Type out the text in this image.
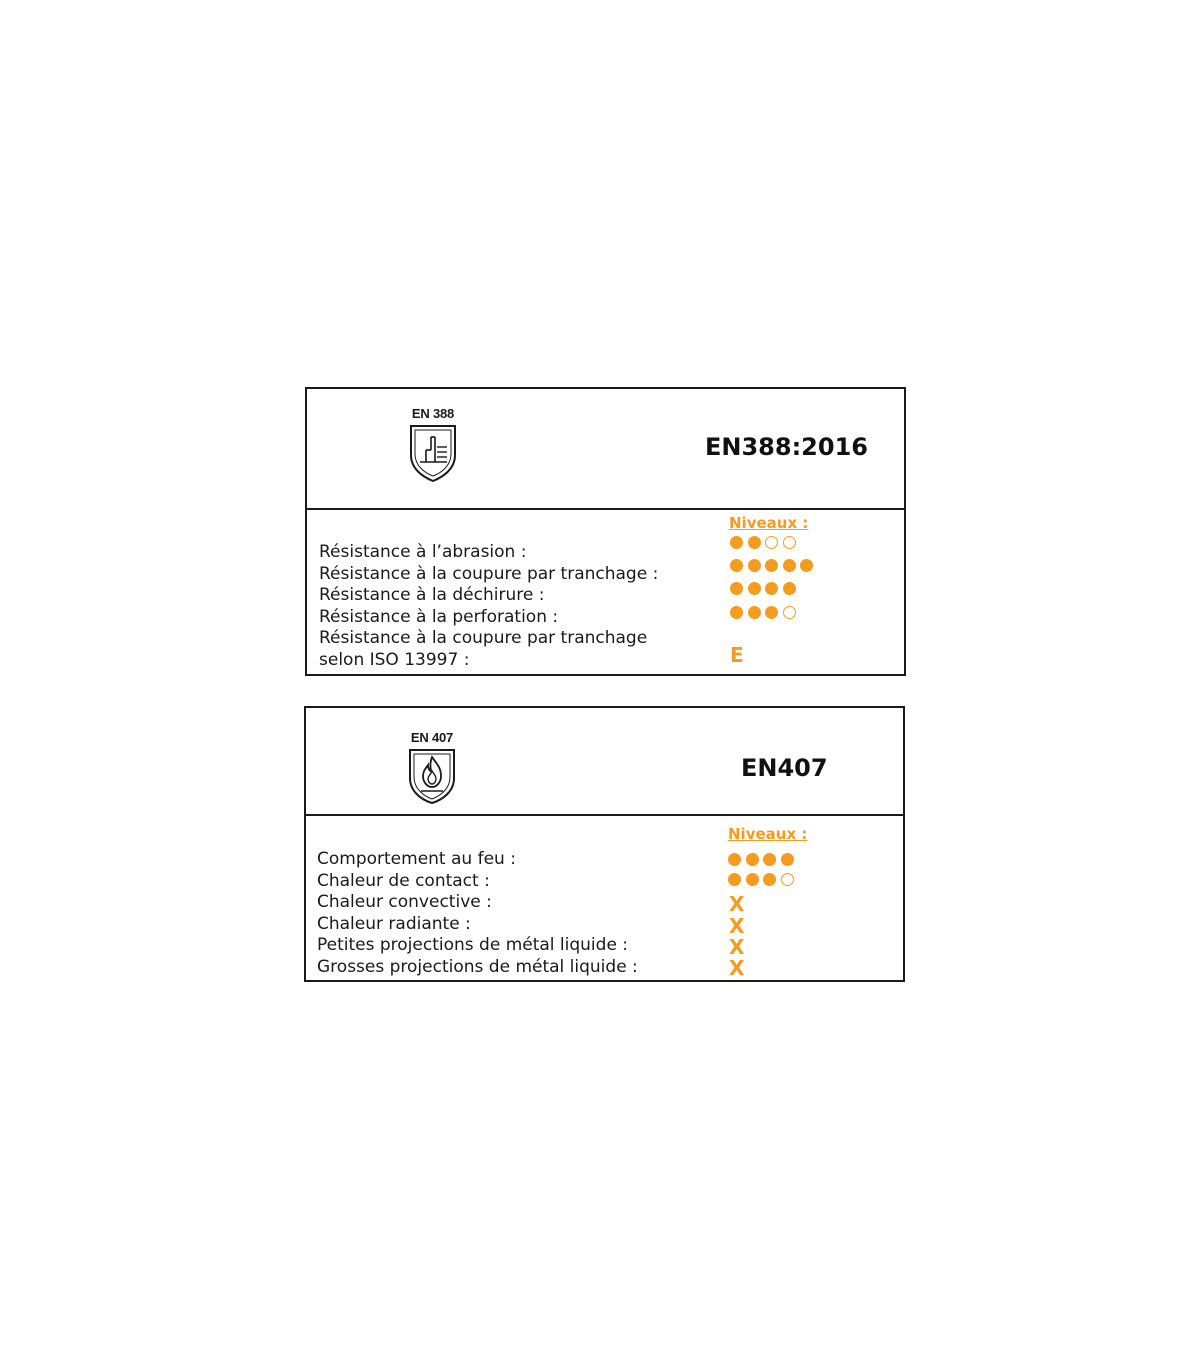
EN 388
EN388:2016
Niveaux :
Résistance à l’abrasion :
Résistance à la coupure par tranchage :
Résistance à la déchirure :
Résistance à la perforation :
Résistance à la coupure par tranchage
selon ISO 13997 :	E
EN 407
EN407
Niveaux :
Comportement au feu :
Chaleur de contact :
Chaleur convective :
Chaleur radiante :
Petites projections de métal liquide :
Grosses projections de métal liquide :
X
X
X
X
